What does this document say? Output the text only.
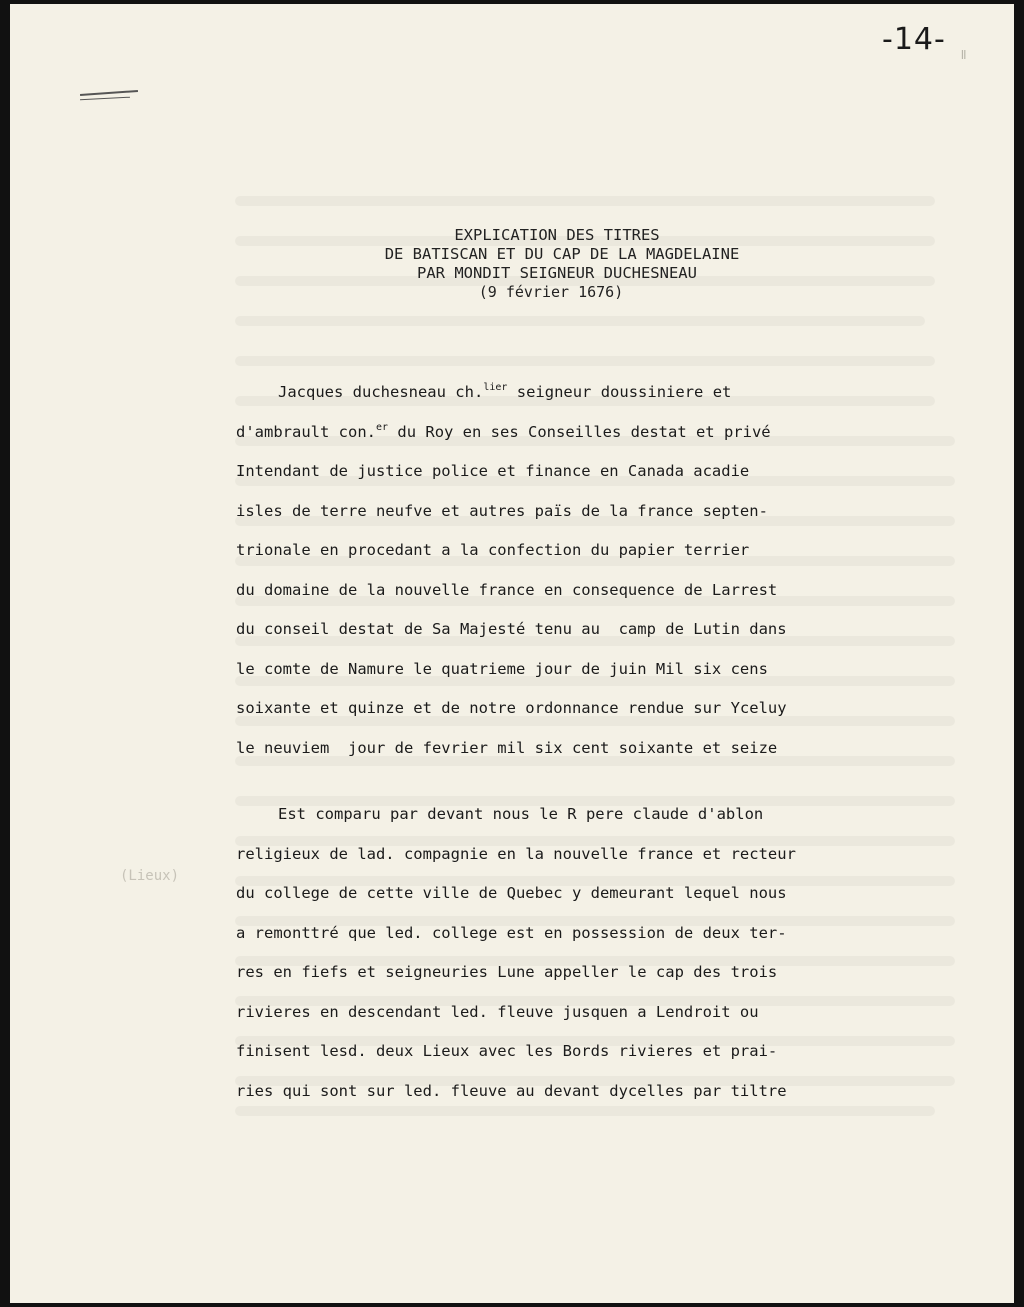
-14- ǁ

(Lieux)

EXPLICATION DES TITRES
DE BATISCAN ET DU CAP DE LA MAGDELAINE
PAR MONDIT SEIGNEUR DUCHESNEAU
(9 février 1676)
Jacques duchesneau ch.$^{lier}$ seigneur doussiniere et
d'ambrault con.$^{er}$ du Roy en ses Conseilles destat et privé
Intendant de justice police et finance en Canada acadie
isles de terre neufve et autres païs de la france septen-
trionale en procedant a la confection du papier terrier
du domaine de la nouvelle france en consequence de Larrest
du conseil destat de Sa Majesté tenu au  camp de Lutin dans
le comte de Namure le quatrieme jour de juin Mil six cens
soixante et quinze et de notre ordonnance rendue sur Yceluy
le neuviem  jour de fevrier mil six cent soixante et seize
Est comparu par devant nous le R pere claude d'ablon
religieux de lad. compagnie en la nouvelle france et recteur
du college de cette ville de Quebec y demeurant lequel nous
a remonttré que led. college est en possession de deux ter-
res en fiefs et seigneuries Lune appeller le cap des trois
rivieres en descendant led. fleuve jusquen a Lendroit ou
finisent lesd. deux Lieux avec les Bords rivieres et prai-
ries qui sont sur led. fleuve au devant dycelles par tiltre
